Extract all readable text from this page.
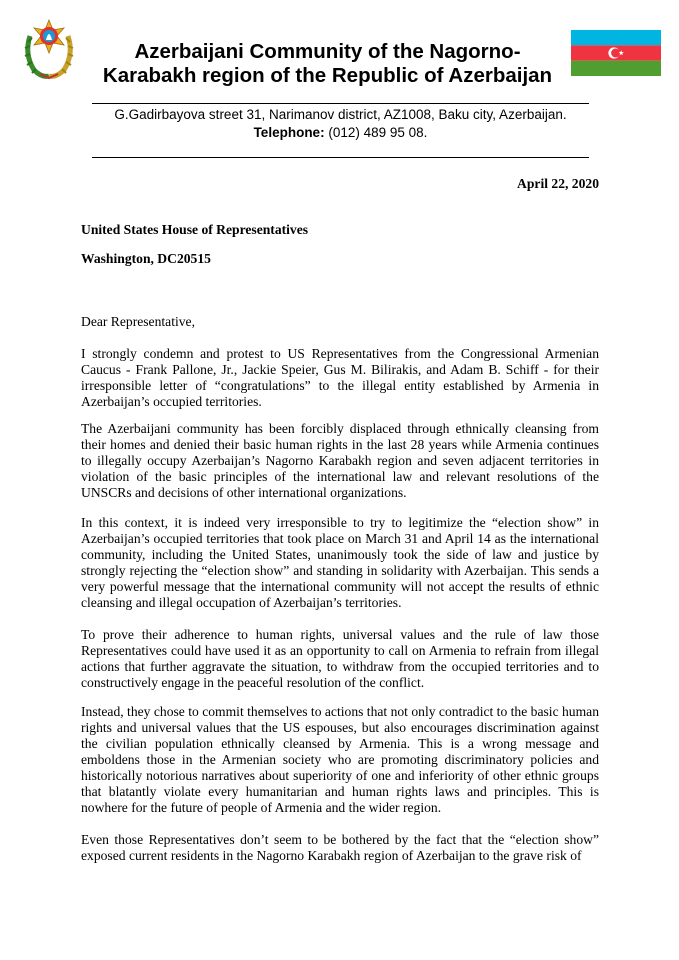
Azerbaijani Community of the Nagorno-
Karabakh region of the Republic of Azerbaijan
G.Gadirbayova street 31, Narimanov district, AZ1008, Baku city, Azerbaijan.
Telephone: (012) 489 95 08.
April 22, 2020
United States House of Representatives
Washington, DC20515
Dear Representative,
I strongly condemn and protest to US Representatives from the Congressional Armenian Caucus - Frank Pallone, Jr., Jackie Speier, Gus M. Bilirakis, and Adam B. Schiff - for their irresponsible letter of “congratulations” to the illegal entity established by Armenia in Azerbaijan’s occupied territories.
The Azerbaijani community has been forcibly displaced through ethnically cleansing from their homes and denied their basic human rights in the last 28 years while Armenia continues to illegally occupy Azerbaijan’s Nagorno Karabakh region and seven adjacent territories in violation of the basic principles of the international law and relevant resolutions of the UNSCRs and decisions of other international organizations.
In this context, it is indeed very irresponsible to try to legitimize the “election show” in Azerbaijan’s occupied territories that took place on March 31 and April 14 as the international community, including the United States, unanimously took the side of law and justice by strongly rejecting the “election show” and standing in solidarity with Azerbaijan. This sends a very powerful message that the international community will not accept the results of ethnic cleansing and illegal occupation of Azerbaijan’s territories.
To prove their adherence to human rights, universal values and the rule of law those Representatives could have used it as an opportunity to call on Armenia to refrain from illegal actions that further aggravate the situation, to withdraw from the occupied territories and to constructively engage in the peaceful resolution of the conflict.
Instead, they chose to commit themselves to actions that not only contradict to the basic human rights and universal values that the US espouses, but also encourages discrimination against the civilian population ethnically cleansed by Armenia. This is a wrong message and emboldens those in the Armenian society who are promoting discriminatory policies and historically notorious narratives about superiority of one and inferiority of other ethnic groups that blatantly violate every humanitarian and human rights laws and principles. This is nowhere for the future of people of Armenia and the wider region.
Even those Representatives don’t seem to be bothered by the fact that the “election show” exposed current residents in the Nagorno Karabakh region of Azerbaijan to the grave risk of
